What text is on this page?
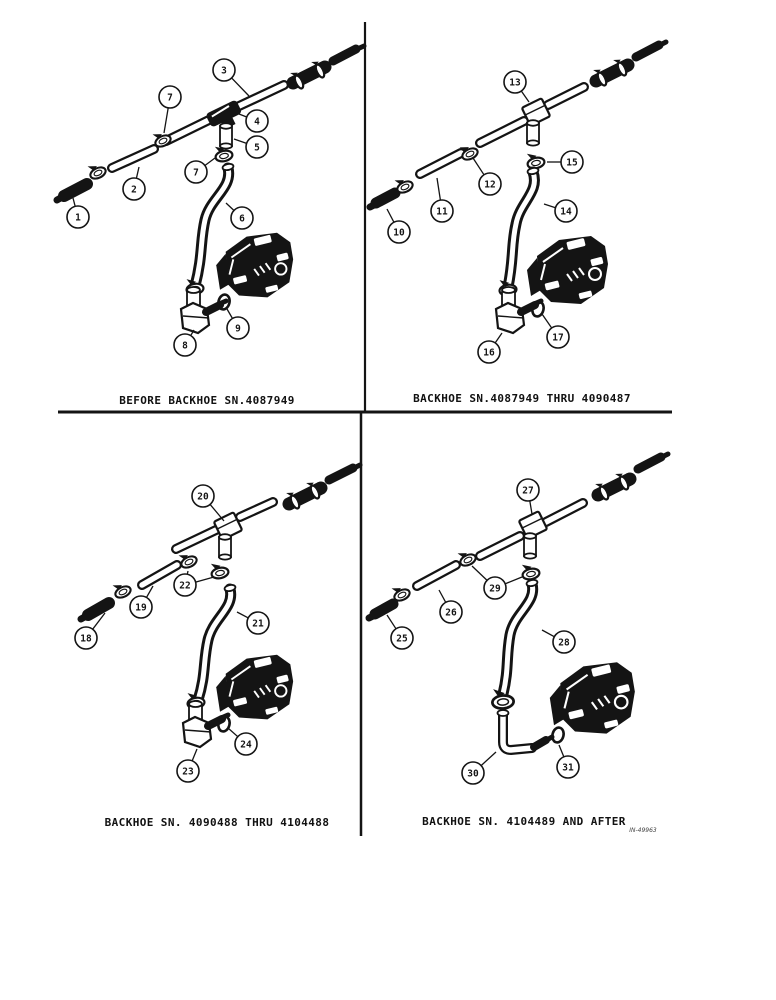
1
2
7
3
4
5
7
6
8
9
BEFORE BACKHOE SN.4087949
10
11
12
13
15
14
16
17
BACKHOE SN.4087949 THRU 4090487
18
19
20
22
21
23
24
BACKHOE SN. 4090488 THRU 4104488
25
26
27
29
28
30
31
BACKHOE SN. 4104489 AND AFTER
IN-49963
